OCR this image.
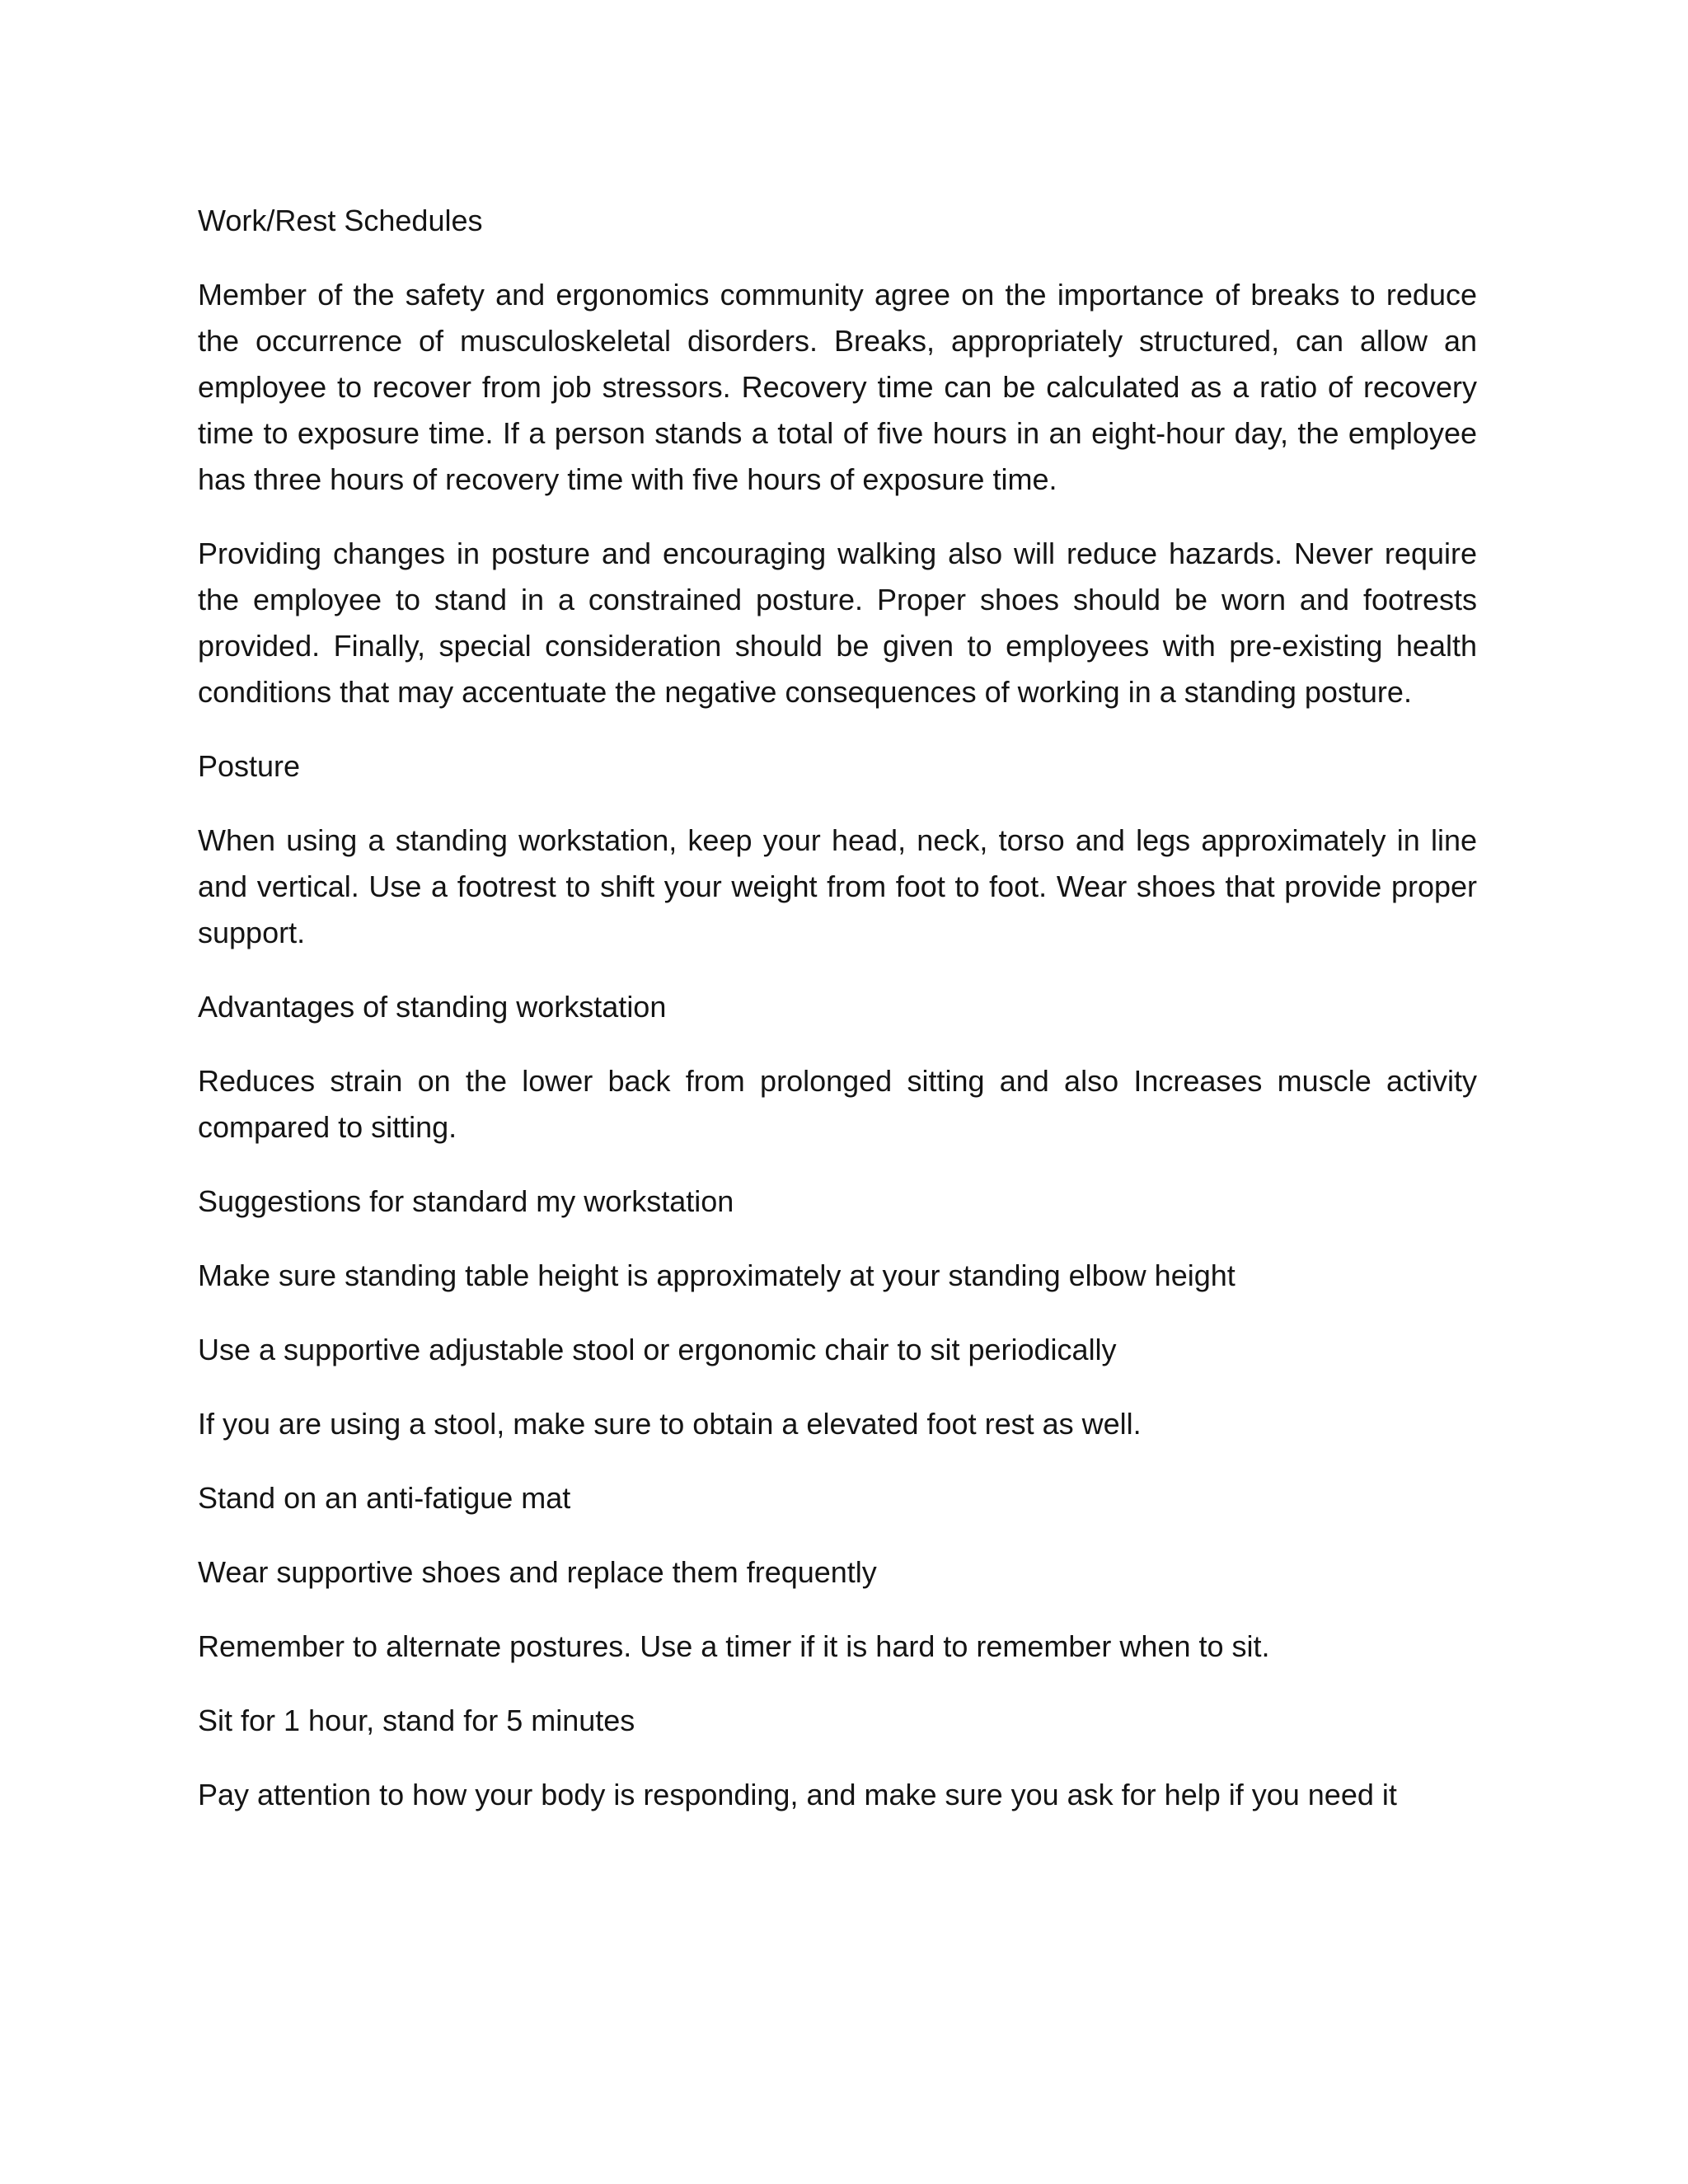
Work/Rest Schedules

Member of the safety and ergonomics community agree on the importance of breaks to reduce the occurrence of musculoskeletal disorders. Breaks, appropriately structured, can allow an employee to recover from job stressors. Recovery time can be calculated as a ratio of recovery time to exposure time. If a person stands a total of five hours in an eight-hour day, the employee has three hours of recovery time with five hours of exposure time.

Providing changes in posture and encouraging walking also will reduce hazards. Never require the employee to stand in a constrained posture. Proper shoes should be worn and footrests provided. Finally, special consideration should be given to employees with pre-existing health conditions that may accentuate the negative consequences of working in a standing posture.

Posture

When using a standing workstation, keep your head, neck, torso and legs approximately in line and vertical. Use a footrest to shift your weight from foot to foot. Wear shoes that provide proper support.

Advantages of standing workstation

Reduces strain on the lower back from prolonged sitting and also Increases muscle activity compared to sitting.

Suggestions for standard my workstation

Make sure standing table height is approximately at your standing elbow height

Use a supportive adjustable stool or ergonomic chair to sit periodically

If you are using a stool, make sure to obtain a elevated foot rest as well.

Stand on an anti-fatigue mat

Wear supportive shoes and replace them frequently

Remember to alternate postures. Use a timer if it is hard to remember when to sit.

Sit for 1 hour, stand for 5 minutes

Pay attention to how your body is responding, and make sure you ask for help if you need it
